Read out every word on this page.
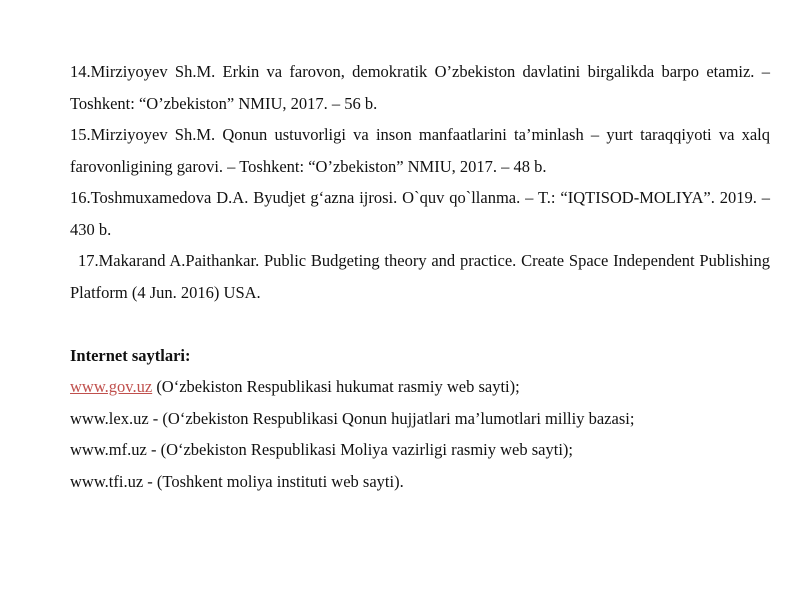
14.Mirziyoyev Sh.M. Erkin va farovon, demokratik O’zbekiston davlatini birgalikda barpo etamiz. – Toshkent: “O’zbekiston” NMIU, 2017. – 56 b.

15.Mirziyoyev Sh.M. Qonun ustuvorligi va inson manfaatlarini ta’minlash – yurt taraqqiyoti va xalq farovonligining garovi. – Toshkent: “O’zbekiston” NMIU, 2017. – 48 b.

16.Toshmuxamedova D.A. Byudjet g‘azna ijrosi. O`quv qo`llanma. – T.: “IQTISOD-MOLIYA”. 2019. – 430 b.

17.Makarand A.Paithankar. Public Budgeting theory and practice. Create Space Independent Publishing Platform (4 Jun. 2016) USA.

Internet saytlari:

www.gov.uz (O‘zbekiston Respublikasi hukumat rasmiy web sayti);

www.lex.uz - (O‘zbekiston Respublikasi Qonun hujjatlari ma’lumotlari milliy bazasi;

www.mf.uz - (O‘zbekiston Respublikasi Moliya vazirligi rasmiy web sayti);

www.tfi.uz - (Toshkent moliya instituti web sayti).
